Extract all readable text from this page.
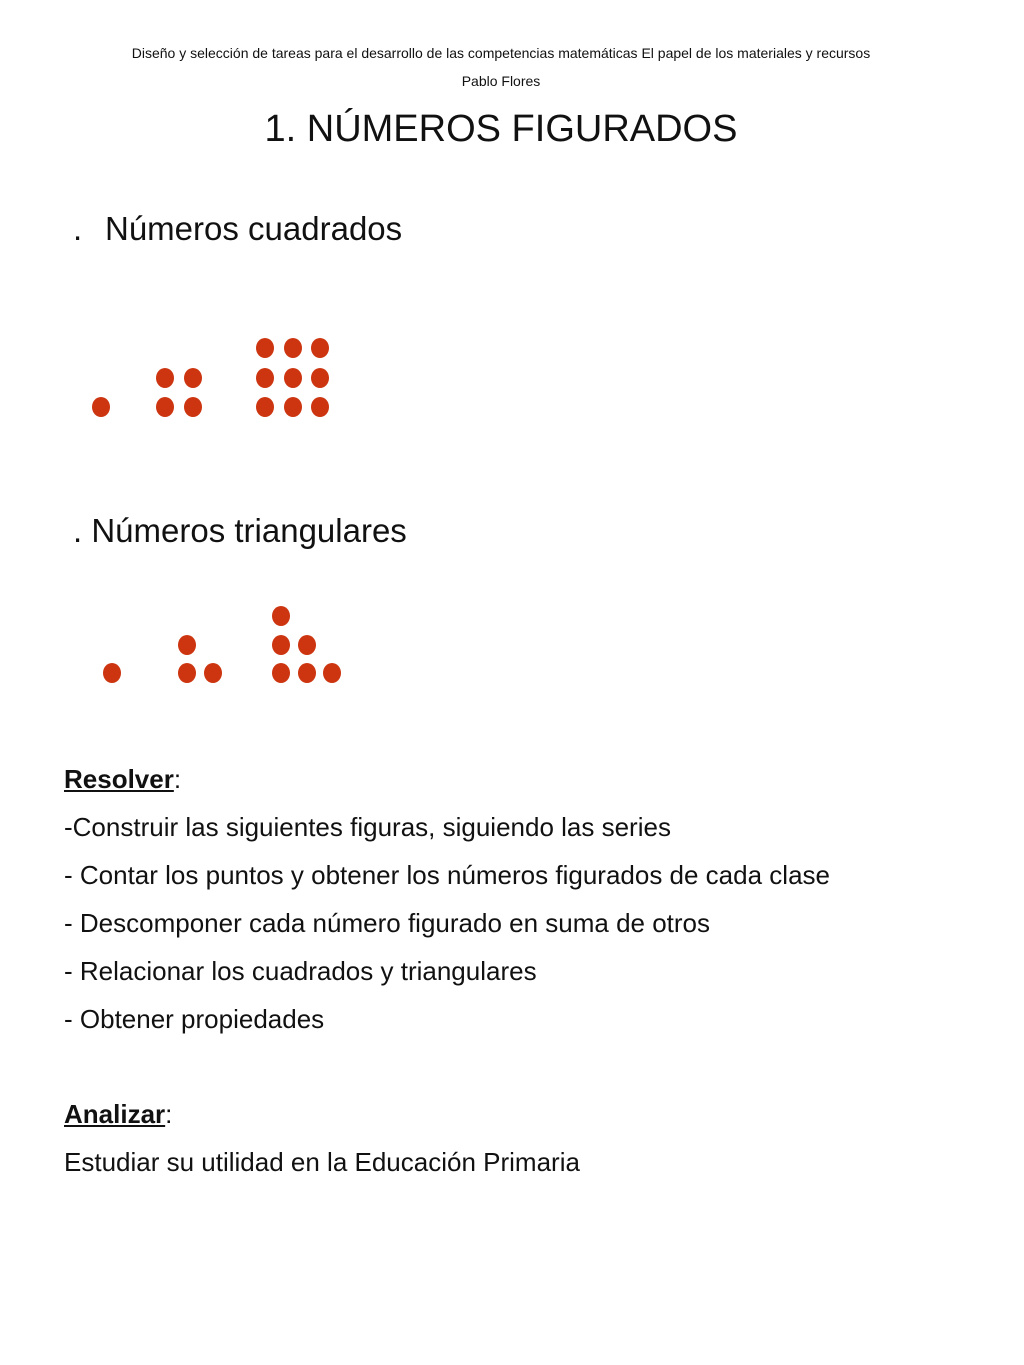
Diseño y selección de tareas para el desarrollo de las competencias matemáticas El papel de los materiales y recursos
Pablo Flores
1. NÚMEROS FIGURADOS
. Números cuadrados
. Números triangulares
Resolver:
-Construir las siguientes figuras, siguiendo las series
- Contar los puntos y obtener los números figurados de cada clase
- Descomponer cada número figurado en suma de otros
- Relacionar los cuadrados y triangulares
- Obtener propiedades
Analizar:
Estudiar su utilidad en la Educación Primaria
